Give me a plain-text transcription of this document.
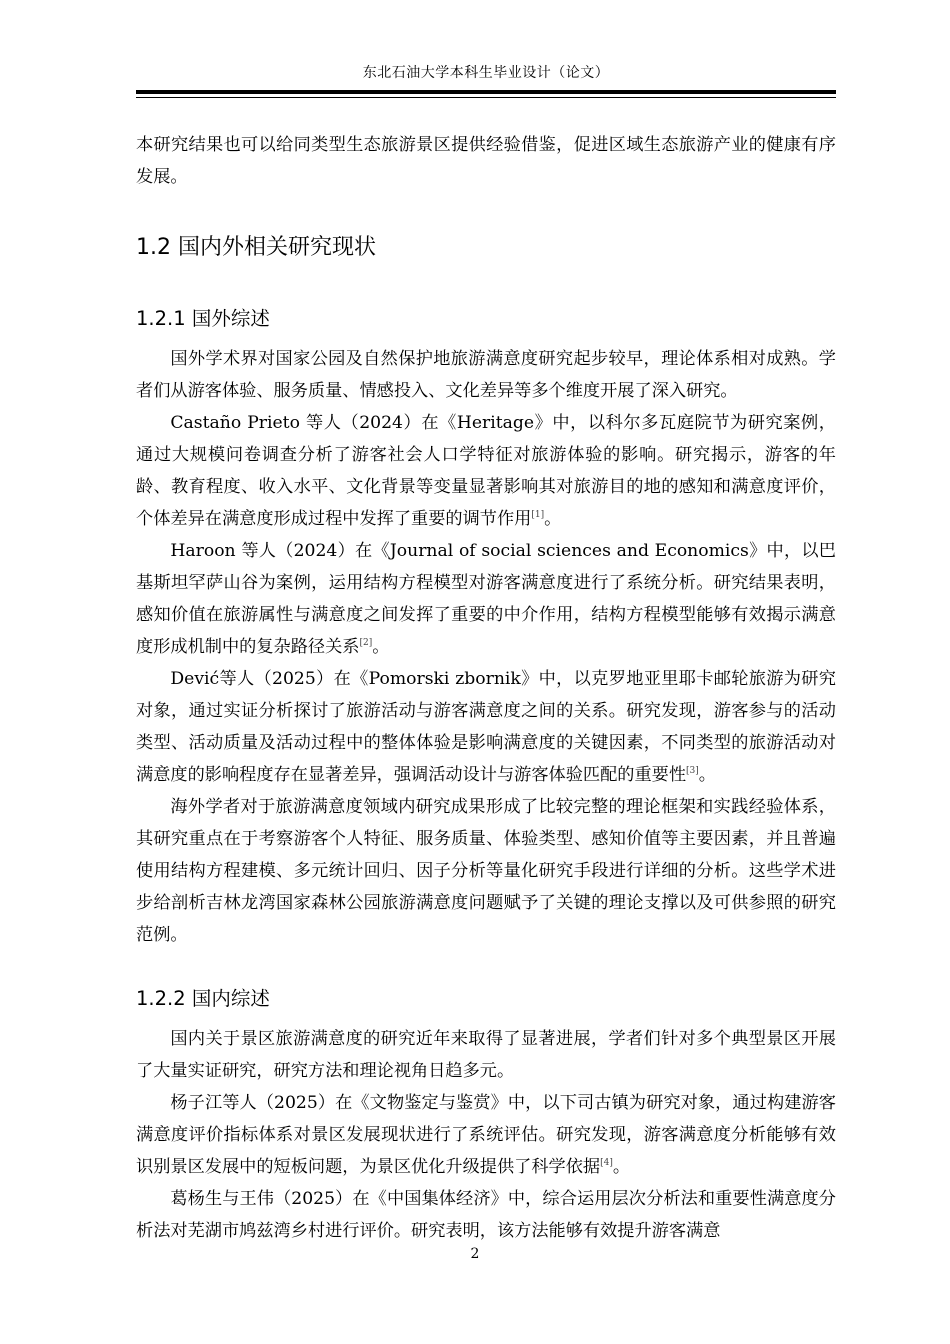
东北石油大学本科生毕业设计（论文）

本研究结果也可以给同类型生态旅游景区提供经验借鉴，促进区域生态旅游产业的健康有序发展。

1.2 国内外相关研究现状
1.2.1 国外综述

国外学术界对国家公园及自然保护地旅游满意度研究起步较早，理论体系相对成熟。学者们从游客体验、服务质量、情感投入、文化差异等多个维度开展了深入研究。

Castaño Prieto 等人（2024）在《Heritage》中，以科尔多瓦庭院节为研究案例，通过大规模问卷调查分析了游客社会人口学特征对旅游体验的影响。研究揭示，游客的年龄、教育程度、收入水平、文化背景等变量显著影响其对旅游目的地的感知和满意度评价，个体差异在满意度形成过程中发挥了重要的调节作用[1]。

Haroon 等人（2024）在《Journal of social sciences and Economics》中，以巴基斯坦罕萨山谷为案例，运用结构方程模型对游客满意度进行了系统分析。研究结果表明，感知价值在旅游属性与满意度之间发挥了重要的中介作用，结构方程模型能够有效揭示满意度形成机制中的复杂路径关系[2]。

Dević等人（2025）在《Pomorski zbornik》中，以克罗地亚里耶卡邮轮旅游为研究对象，通过实证分析探讨了旅游活动与游客满意度之间的关系。研究发现，游客参与的活动类型、活动质量及活动过程中的整体体验是影响满意度的关键因素，不同类型的旅游活动对满意度的影响程度存在显著差异，强调活动设计与游客体验匹配的重要性[3]。

海外学者对于旅游满意度领域内研究成果形成了比较完整的理论框架和实践经验体系，其研究重点在于考察游客个人特征、服务质量、体验类型、感知价值等主要因素，并且普遍使用结构方程建模、多元统计回归、因子分析等量化研究手段进行详细的分析。这些学术进步给剖析吉林龙湾国家森林公园旅游满意度问题赋予了关键的理论支撑以及可供参照的研究范例。

1.2.2 国内综述

国内关于景区旅游满意度的研究近年来取得了显著进展，学者们针对多个典型景区开展了大量实证研究，研究方法和理论视角日趋多元。

杨子江等人（2025）在《文物鉴定与鉴赏》中，以下司古镇为研究对象，通过构建游客满意度评价指标体系对景区发展现状进行了系统评估。研究发现，游客满意度分析能够有效识别景区发展中的短板问题，为景区优化升级提供了科学依据[4]。

葛杨生与王伟（2025）在《中国集体经济》中，综合运用层次分析法和重要性满意度分析法对芜湖市鸠兹湾乡村进行评价。研究表明，该方法能够有效提升游客满意

2
